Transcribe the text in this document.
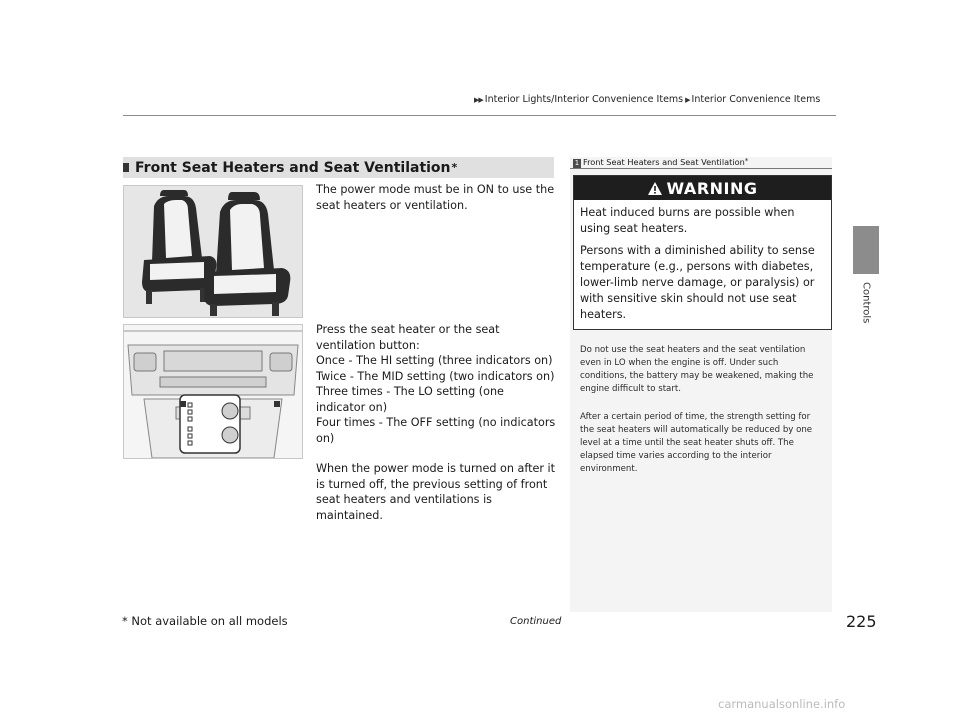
▶▶ Interior Lights/Interior Convenience Items ▶ Interior Convenience Items
Controls
Front Seat Heaters and Seat Ventilation *

The power mode must be in ON to use the seat heaters or ventilation.

Press the seat heater or the seat ventilation button:

Once - The HI setting (three indicators on)

Twice - The MID setting (two indicators on)

Three times - The LO setting (one indicator on)

Four times - The OFF setting (no indicators on)

When the power mode is turned on after it is turned off, the previous setting of front seat heaters and ventilations is maintained.

1 Front Seat Heaters and Seat Ventilation*
WARNING

Heat induced burns are possible when using seat heaters.

Persons with a diminished ability to sense temperature (e.g., persons with diabetes, lower-limb nerve damage, or paralysis) or with sensitive skin should not use seat heaters.

Do not use the seat heaters and the seat ventilation even in LO when the engine is off. Under such conditions, the battery may be weakened, making the engine difficult to start.

After a certain period of time, the strength setting for the seat heaters will automatically be reduced by one level at a time until the seat heater shuts off. The elapsed time varies according to the interior environment.

* Not available on all models	Continued	225
carmanualsonline.info
